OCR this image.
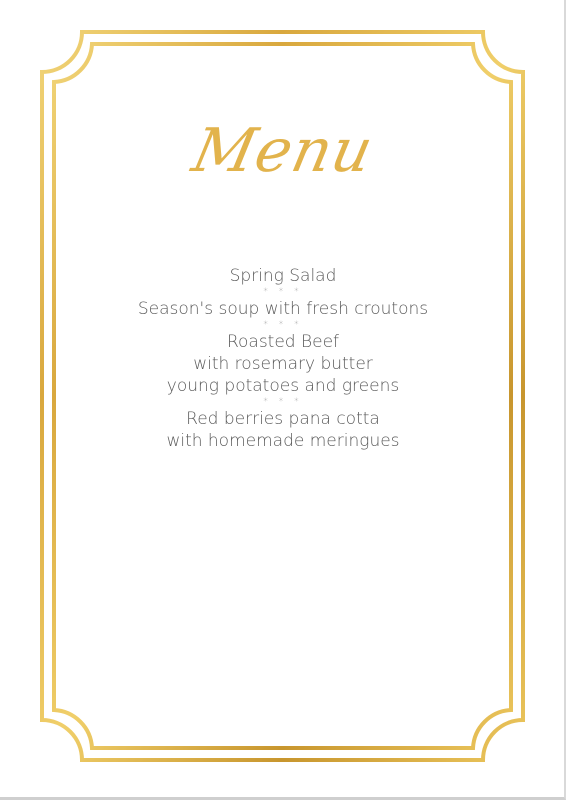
Menu
Spring Salad
* * *
Season's soup with fresh croutons
* * *
Roasted Beef
with rosemary butter
young potatoes and greens
* * *
Red berries pana cotta
with homemade meringues
